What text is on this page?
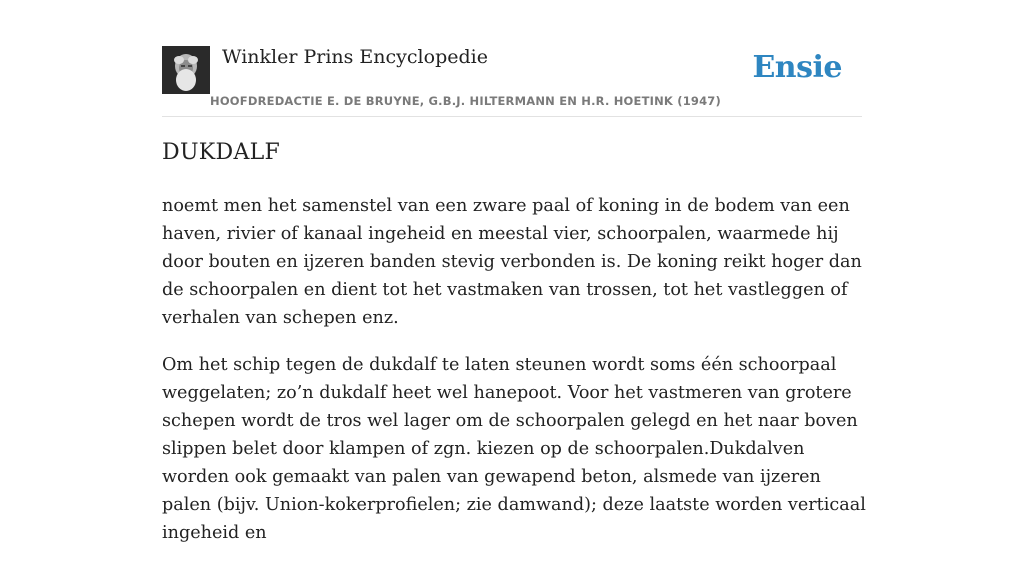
Winkler Prins Encyclopedie
HOOFDREDACTIE E. DE BRUYNE, G.B.J. HILTERMANN EN H.R. HOETINK (1947)
Ensie
DUKDALF

noemt men het samenstel van een zware paal of koning in de bodem van een haven, rivier of kanaal ingeheid en meestal vier, schoorpalen, waarmede hij door bouten en ijzeren banden stevig verbonden is. De koning reikt hoger dan de schoorpalen en dient tot het vastmaken van trossen, tot het vastleggen of verhalen van schepen enz.

Om het schip tegen de dukdalf te laten steunen wordt soms één schoorpaal weggelaten; zo’n dukdalf heet wel hanepoot. Voor het vastmeren van grotere schepen wordt de tros wel lager om de schoorpalen gelegd en het naar boven slippen belet door klampen of zgn. kiezen op de schoorpalen.Dukdalven worden ook gemaakt van palen van gewapend beton, alsmede van ijzeren palen (bijv. Union-kokerprofielen; zie damwand); deze laatste worden verticaal ingeheid en
